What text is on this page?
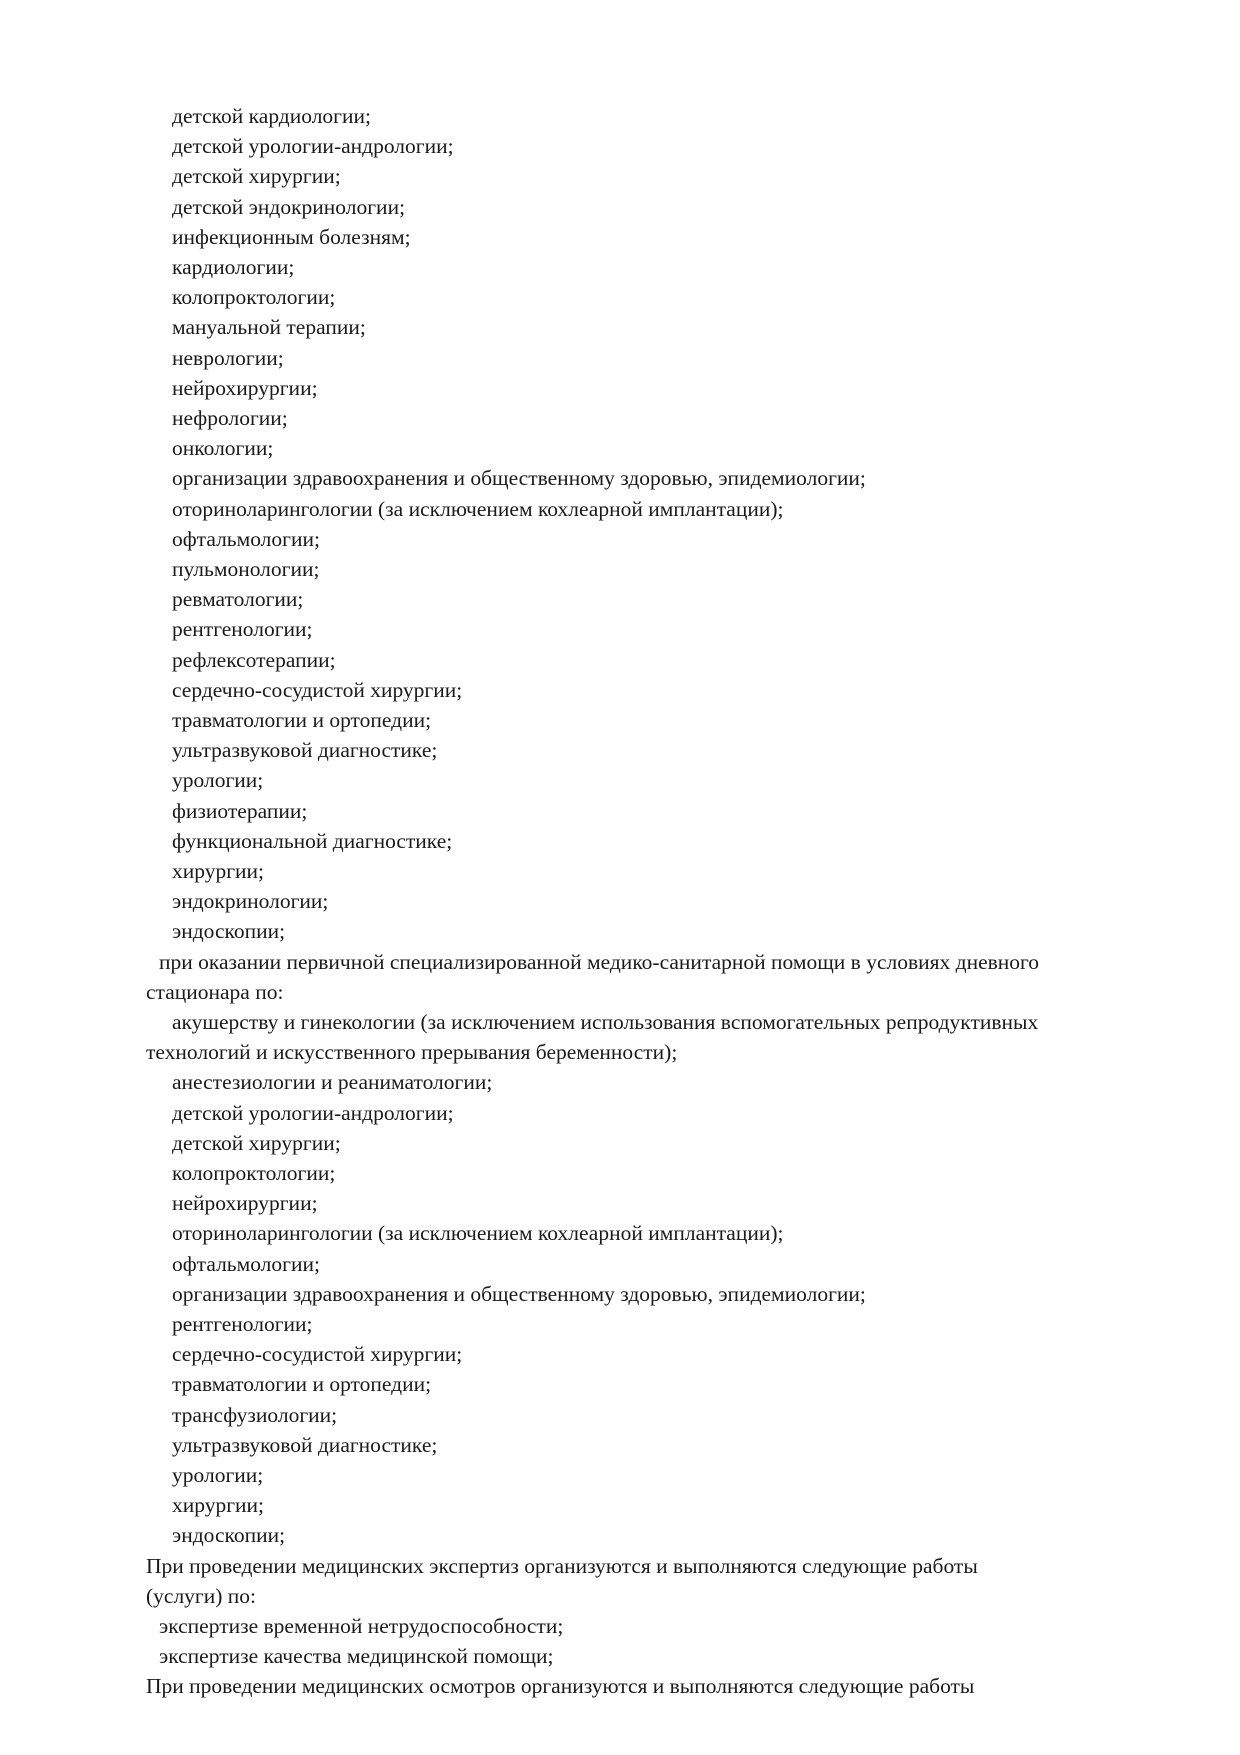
детской кардиологии;
детской урологии-андрологии;
детской хирургии;
детской эндокринологии;
инфекционным болезням;
кардиологии;
колопроктологии;
мануальной терапии;
неврологии;
нейрохирургии;
нефрологии;
онкологии;
организации здравоохранения и общественному здоровью, эпидемиологии;
оториноларингологии (за исключением кохлеарной имплантации);
офтальмологии;
пульмонологии;
ревматологии;
рентгенологии;
рефлексотерапии;
сердечно-сосудистой хирургии;
травматологии и ортопедии;
ультразвуковой диагностике;
урологии;
физиотерапии;
функциональной диагностике;
хирургии;
эндокринологии;
эндоскопии;
при оказании первичной специализированной медико-санитарной помощи в условиях дневного
стационара по:
акушерству и гинекологии (за исключением использования вспомогательных репродуктивных
технологий и искусственного прерывания беременности);
анестезиологии и реаниматологии;
детской урологии-андрологии;
детской хирургии;
колопроктологии;
нейрохирургии;
оториноларингологии (за исключением кохлеарной имплантации);
офтальмологии;
организации здравоохранения и общественному здоровью, эпидемиологии;
рентгенологии;
сердечно-сосудистой хирургии;
травматологии и ортопедии;
трансфузиологии;
ультразвуковой диагностике;
урологии;
хирургии;
эндоскопии;
При проведении медицинских экспертиз организуются и выполняются следующие работы
(услуги) по:
экспертизе временной нетрудоспособности;
экспертизе качества медицинской помощи;
При проведении медицинских осмотров организуются и выполняются следующие работы
